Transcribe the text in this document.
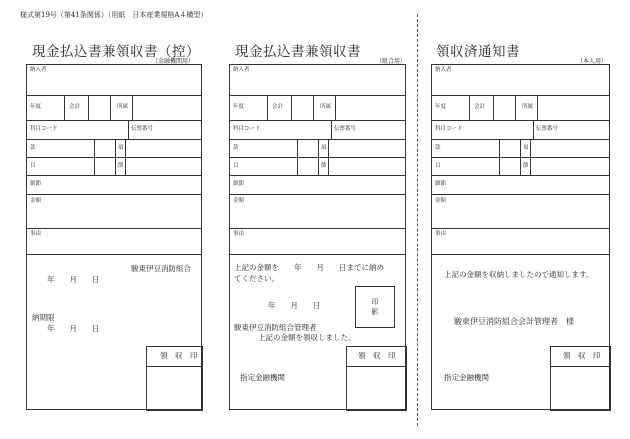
様式第19号（第41条関係）（用紙　日本産業規格A４横型）
現金払込書兼領収書（控）
（金融機関用）
現金払込書兼領収書
（組合用）
領収済通知書
（本人用）
納入者
年度	会計	所属
科目コード	伝票番号
款	項
目	節
細節
金額
事由
駿東伊豆消防組合
年　　月　　日
納期限
年　　月　　日
領　収　印
納入者
年度	会計	所属
科目コード	伝票番号
款	項
目	節
細節
金額
事由
上記の金額を　　年　　月　　日までに納め
てください。
年　　月　　日	印影
駿東伊豆消防組合管理者
上記の金額を領収しました。
領　収　印
指定金融機関
納入者
年度	会計	所属
科目コード	伝票番号
款	項
目	節
細節
金額
事由
上記の金額を収納しましたので通知します。
駿東伊豆消防組合会計管理者　様
領　収　印
指定金融機関
